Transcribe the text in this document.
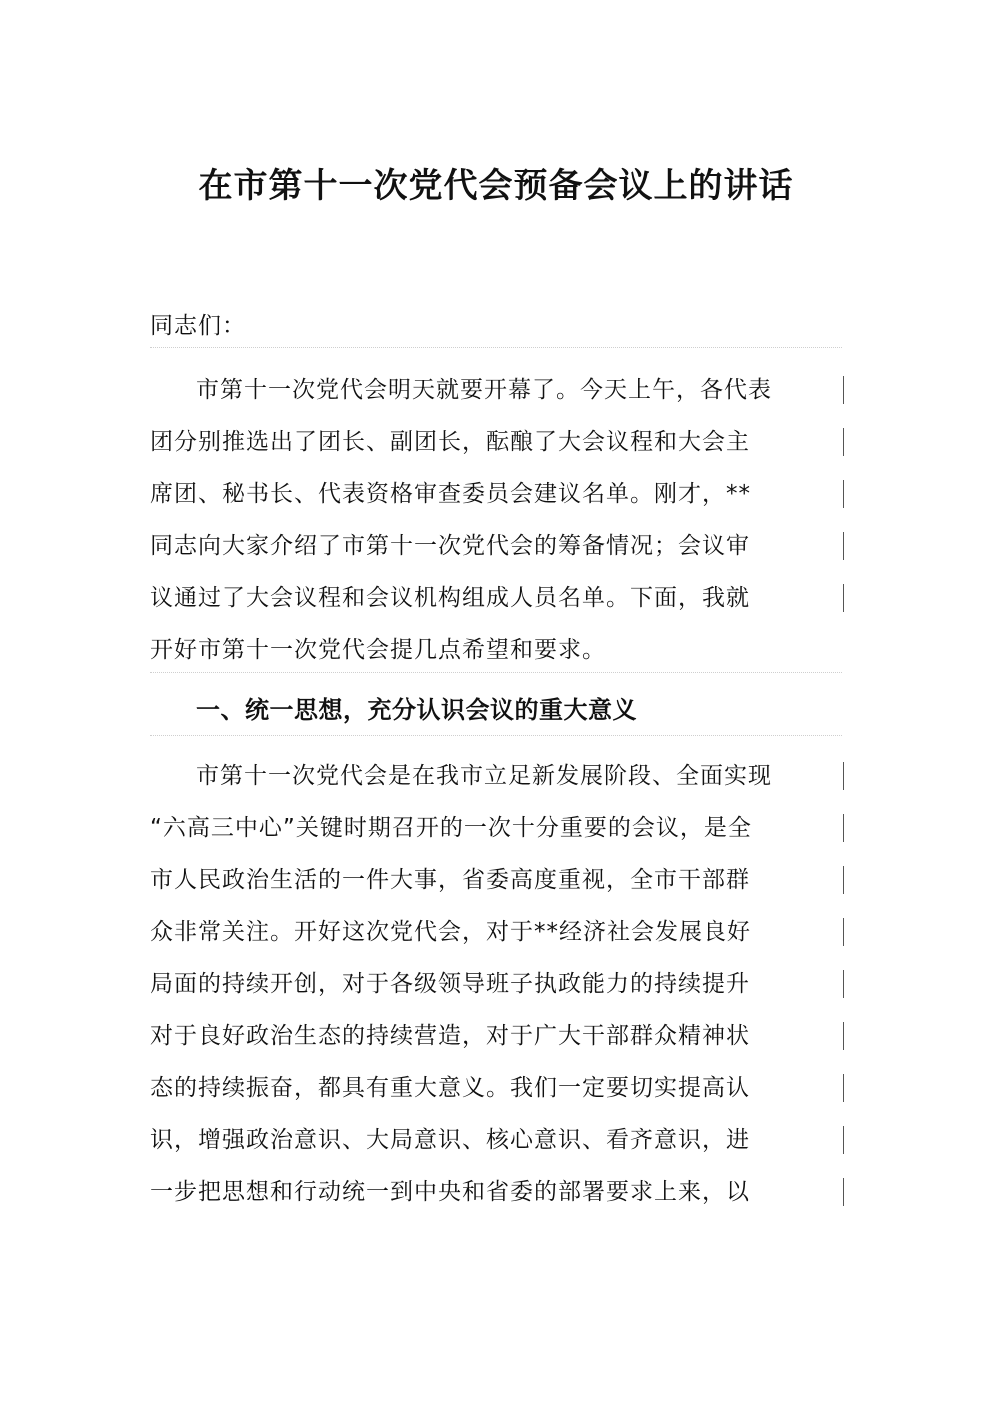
在市第十一次党代会预备会议上的讲话
同志们：
市第十一次党代会明天就要开幕了。今天上午，各代表
团分别推选出了团长、副团长，酝酿了大会议程和大会主
席团、秘书长、代表资格审查委员会建议名单。刚才，**
同志向大家介绍了市第十一次党代会的筹备情况；会议审
议通过了大会议程和会议机构组成人员名单。下面，我就
开好市第十一次党代会提几点希望和要求。
一、统一思想，充分认识会议的重大意义
市第十一次党代会是在我市立足新发展阶段、全面实现
“六高三中心”关键时期召开的一次十分重要的会议，是全
市人民政治生活的一件大事，省委高度重视，全市干部群
众非常关注。开好这次党代会，对于**经济社会发展良好
局面的持续开创，对于各级领导班子执政能力的持续提升
对于良好政治生态的持续营造，对于广大干部群众精神状
态的持续振奋，都具有重大意义。我们一定要切实提高认
识，增强政治意识、大局意识、核心意识、看齐意识，进
一步把思想和行动统一到中央和省委的部署要求上来，以
